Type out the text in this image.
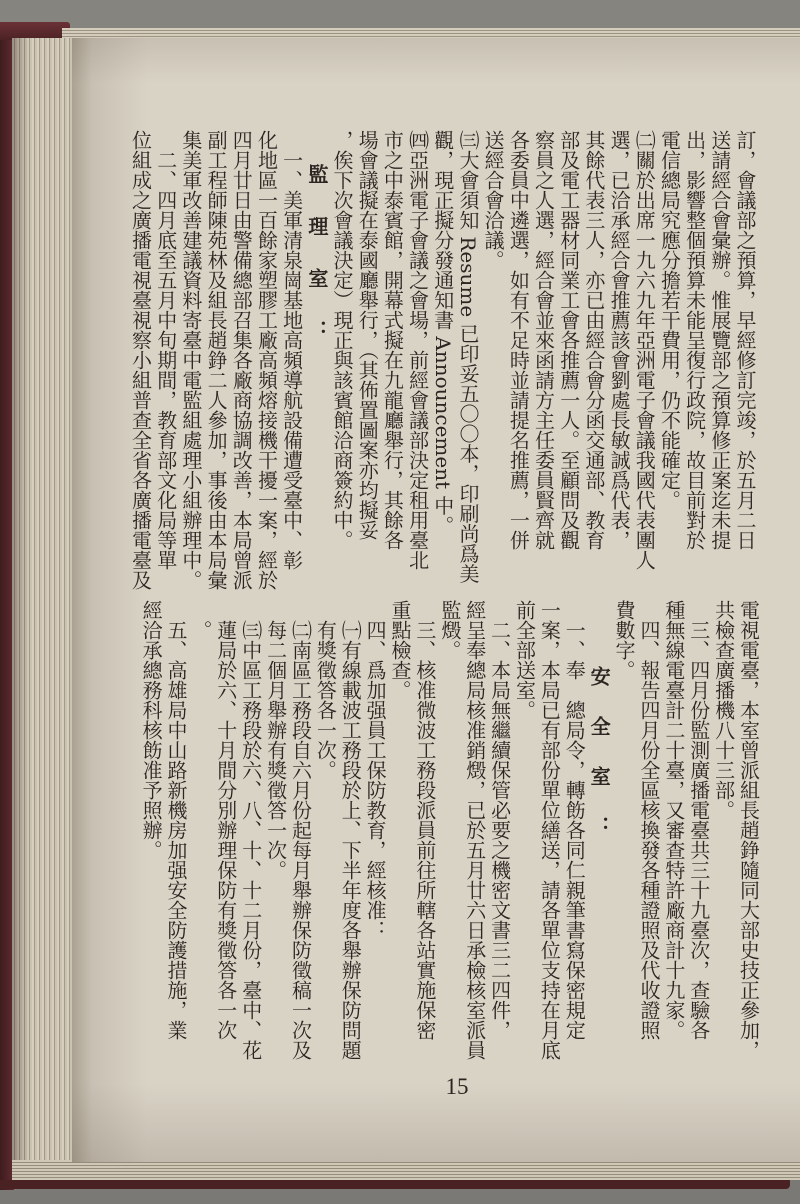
訂，會議部之預算，早經修訂完竣，於五月二日
送請經合會彙辦。惟展覽部之預算修正案迄未提
出，影響整個預算未能呈復行政院，故目前對於
電信總局究應分擔若干費用，仍不能確定。
㈡關於出席一九六九年亞洲電子會議我國代表團人
選，已洽承經合會推薦該會劉處長敏誠爲代表，
其餘代表三人，亦已由經合會分函交通部、教育
部及電工器材同業工會各推薦一人。至顧問及觀
察員之人選，經合會並來函請方主任委員賢齊就
各委員中遴選，如有不足時並請提名推薦，一併
送經合會洽議。
㈢大會須知 Resume 已印妥五〇〇本，印刷尚爲美
觀，現正擬分發通知書 Announcement 中。
㈣亞洲電子會議之會場，前經會議部決定租用臺北
市之中泰賓館，開幕式擬在九龍廳舉行，其餘各
場會議擬在泰國廳舉行，（其佈置圖案亦均擬妥
，俟下次會議決定）現正與該賓館洽商簽約中。
監理室：
一、美軍清泉崗基地高頻導航設備遭受臺中、彰
化地區一百餘家塑膠工廠高頻熔接機干擾一案，經於
四月廿日由警備總部召集各廠商協調改善，本局曾派
副工程師陳苑林及組長趙錚二人參加，事後由本局彙
集美軍改善建議資料寄臺中電監組處理小組辦理中。
二、四月底至五月中旬期間，教育部文化局等單
位組成之廣播電視臺視察小組普查全省各廣播電臺及
電視電臺，本室曾派組長趙錚隨同大部史技正參加，
共檢查廣播機八十三部。
三、四月份監測廣播電臺共三十九臺次，查驗各
種無線電臺計二十臺，又審查特許廠商計十九家。
四、報告四月份全區核換發各種證照及代收證照
費數字。
安全室：
一、奉　總局令，轉飭各同仁親筆書寫保密規定
一案，本局已有部份單位繕送，請各單位支持在月底
前全部送室。
二、本局無繼續保管必要之機密文書三二四件，
經呈奉總局核准銷燬，已於五月廿六日承檢核室派員
監燬。
三、核准微波工務段派員前往所轄各站實施保密
重點檢查。
四、爲加强員工保防教育，經核准：
㈠有線載波工務段於上、下半年度各舉辦保防問題
有獎徵答各一次。
㈡南區工務段自六月份起每月舉辦保防徵稿一次及
每二個月舉辦有獎徵答一次。
㈢中區工務段於六、八、十、十二月份，臺中、花
蓮局於六、十月間分別辦理保防有獎徵答各一次
。
五、高雄局中山路新機房加强安全防護措施，業
經洽承總務科核飭准予照辦。
15
